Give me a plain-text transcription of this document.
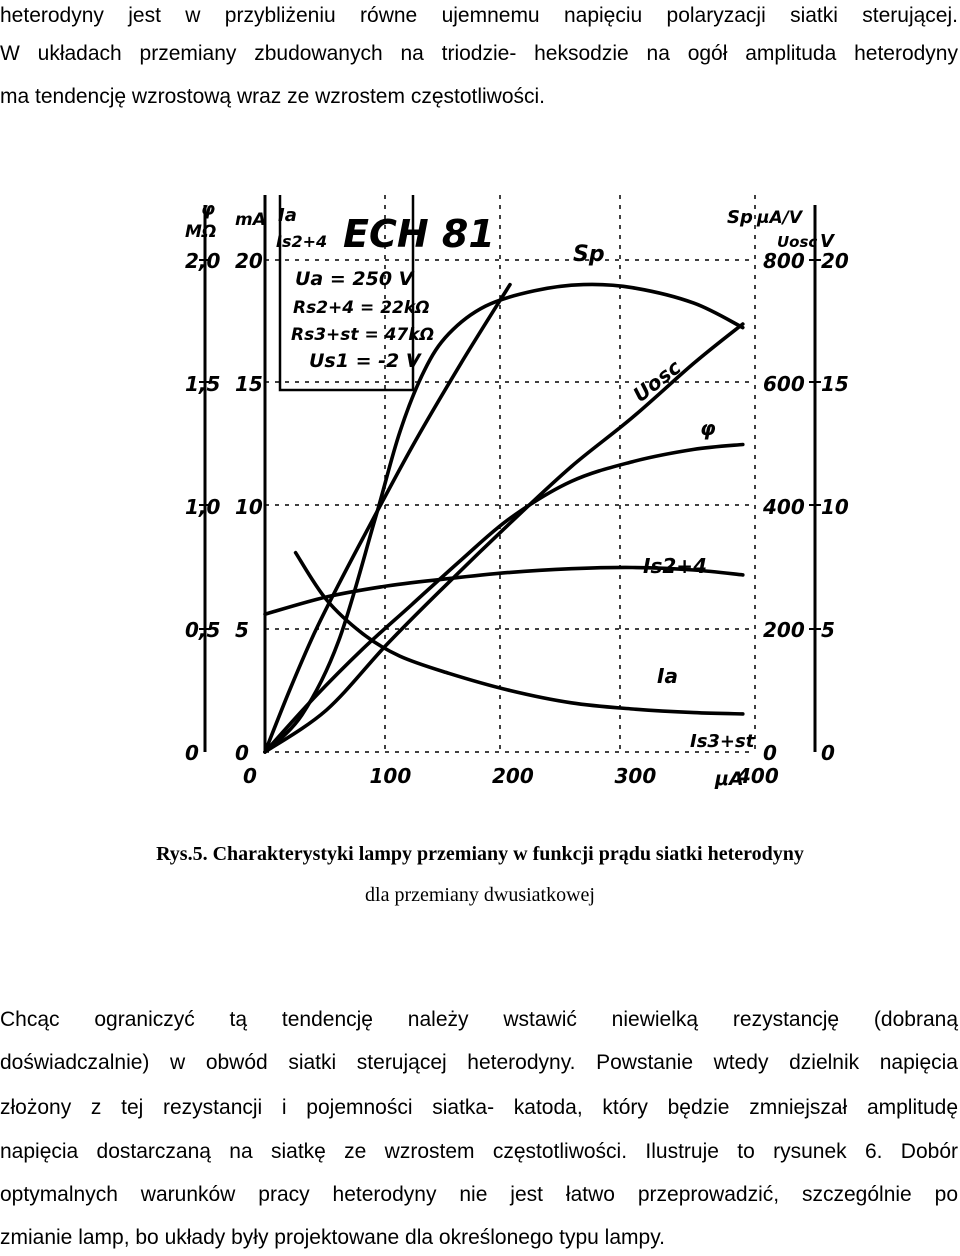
heterodyny jest w przybliżeniu równe ujemnemu napięciu polaryzacji siatki sterującej.
W układach przemiany zbudowanych na triodzie- heksodzie na ogół amplituda heterodyny
ma tendencję wzrostową wraz ze wzrostem częstotliwości.
φ
MΩ
mA Ia
Is2+4
Sp μA/V
V
Uosc
ECH 81
Ua = 250 V
Rs2+4 = 22kΩ
Rs3+st = 47kΩ
Us1 = -2 V
μA
0	100	200	300	400
0
0,5
1,0
1,5
2,0
0
5
10
15
20
0
200
400
600
800
0
5
10
15
20
Sp
Uosc
φ
Is2+4
Ia
Is3+st
Rys.5. Charakterystyki lampy przemiany w funkcji prądu siatki heterodyny
dla przemiany dwusiatkowej
Chcąc ograniczyć tą tendencję należy wstawić niewielką rezystancję (dobraną
doświadczalnie) w obwód siatki sterującej heterodyny. Powstanie wtedy dzielnik napięcia
złożony z tej rezystancji i pojemności siatka- katoda, który będzie zmniejszał amplitudę
napięcia dostarczaną na siatkę ze wzrostem częstotliwości. Ilustruje to rysunek 6. Dobór
optymalnych warunków pracy heterodyny nie jest łatwo przeprowadzić, szczególnie po
zmianie lamp, bo układy były projektowane dla określonego typu lampy.
